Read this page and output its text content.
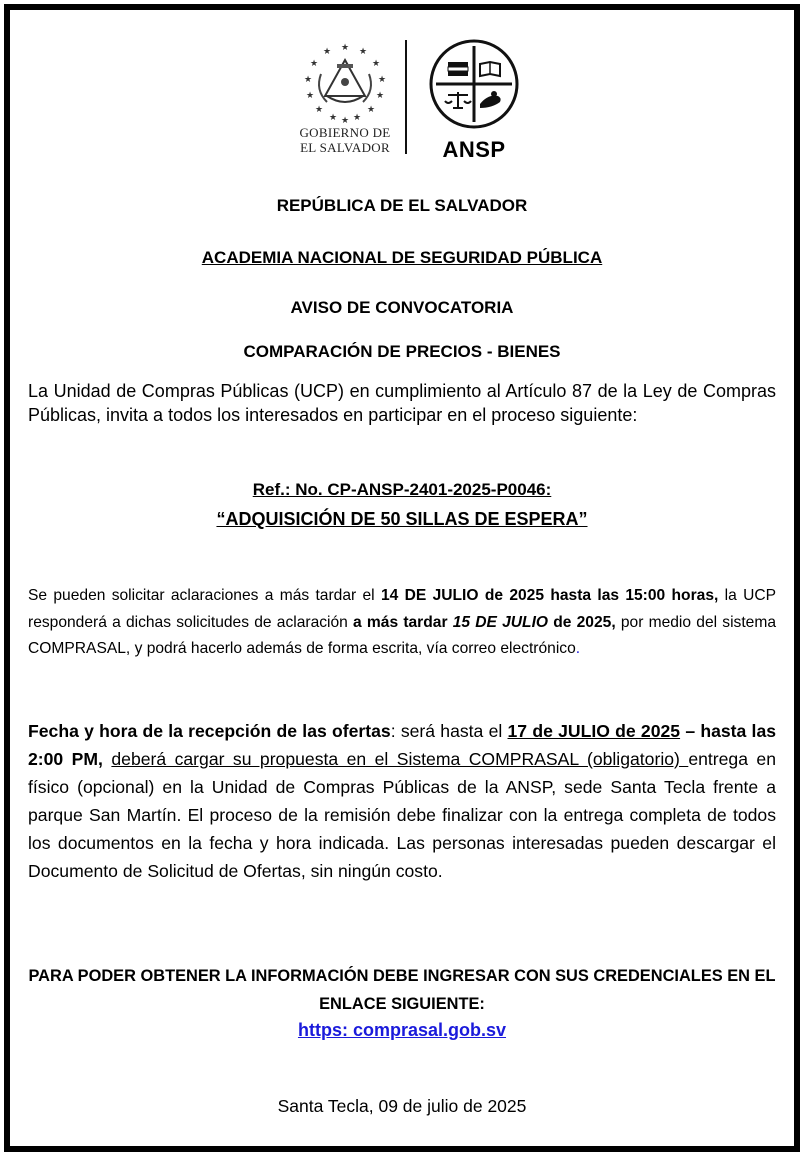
★
★	★
★	★
★	★
★	★
★	★
★ ★
★
GOBIERNO DE
EL SALVADOR	ANSP
REPÚBLICA DE EL SALVADOR
ACADEMIA NACIONAL DE SEGURIDAD PÚBLICA
AVISO DE CONVOCATORIA
COMPARACIÓN DE PRECIOS - BIENES
La Unidad de Compras Públicas (UCP) en cumplimiento al Artículo 87 de la Ley de Compras Públicas, invita a todos los interesados en participar en el proceso siguiente:
Ref.: No. CP-ANSP-2401-2025-P0046:
“ADQUISICIÓN DE 50 SILLAS DE ESPERA”
Se pueden solicitar aclaraciones a más tardar el 14 DE JULIO de 2025 hasta las 15:00 horas, la UCP responderá a dichas solicitudes de aclaración a más tardar 15 DE JULIO de 2025, por medio del sistema COMPRASAL, y podrá hacerlo además de forma escrita, vía correo electrónico.
Fecha y hora de la recepción de las ofertas: será hasta el 17 de JULIO de 2025 – hasta las 2:00 PM, deberá cargar su propuesta en el Sistema COMPRASAL (obligatorio) entrega en físico (opcional) en la Unidad de Compras Públicas de la ANSP, sede Santa Tecla frente a parque San Martín. El proceso de la remisión debe finalizar con la entrega completa de todos los documentos en la fecha y hora indicada. Las personas interesadas pueden descargar el Documento de Solicitud de Ofertas, sin ningún costo.
PARA PODER OBTENER LA INFORMACIÓN DEBE INGRESAR CON SUS CREDENCIALES EN EL ENLACE SIGUIENTE:
https: comprasal.gob.sv
Santa Tecla, 09 de julio de 2025
